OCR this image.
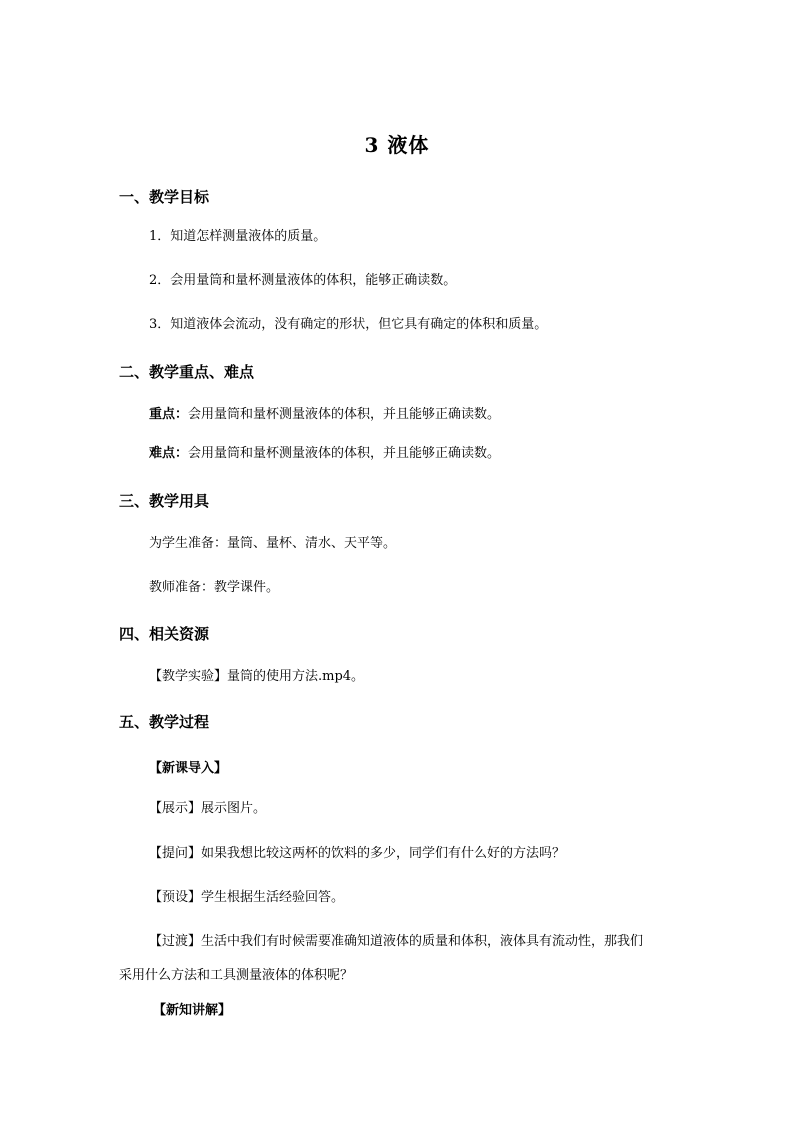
3 液体
一、教学目标
1．知道怎样测量液体的质量。
2．会用量筒和量杯测量液体的体积，能够正确读数。
3．知道液体会流动，没有确定的形状，但它具有确定的体积和质量。
二、教学重点、难点
重点：会用量筒和量杯测量液体的体积，并且能够正确读数。
难点：会用量筒和量杯测量液体的体积，并且能够正确读数。
三、教学用具
为学生准备：量筒、量杯、清水、天平等。
教师准备：教学课件。
四、相关资源
【教学实验】量筒的使用方法.mp4。
五、教学过程
【新课导入】
【展示】展示图片。
【提问】如果我想比较这两杯的饮料的多少，同学们有什么好的方法吗？
【预设】学生根据生活经验回答。
【过渡】生活中我们有时候需要准确知道液体的质量和体积，液体具有流动性，那我们
采用什么方法和工具测量液体的体积呢？
【新知讲解】
